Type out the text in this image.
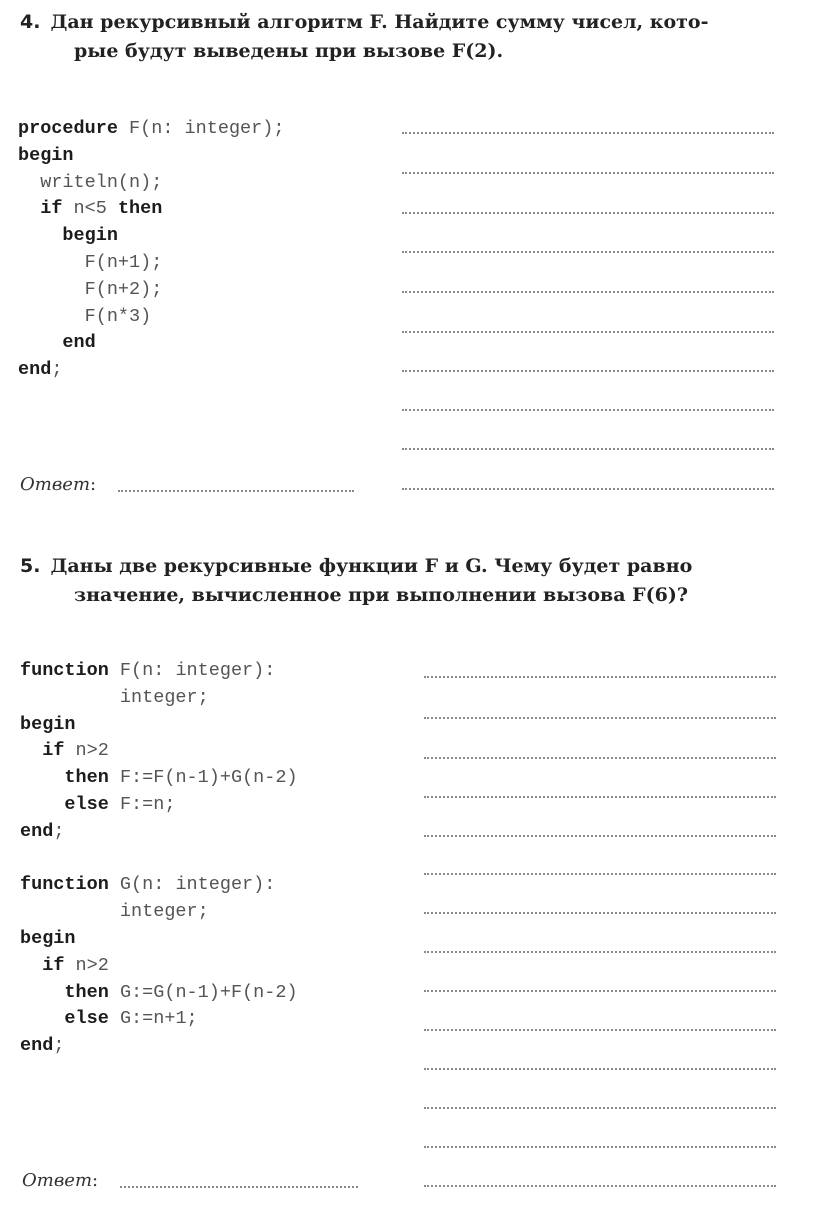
4. Дан рекурсивный алгоритм F. Найдите сумму чисел, кото-
рые будут выведены при вызове F(2).
procedure F(n: integer);
begin
writeln(n);
if n<5 then
begin
F(n+1);
F(n+2);
F(n*3)
end
end;
Ответ:
5. Даны две рекурсивные функции F и G. Чему будет равно
значение, вычисленное при выполнении вызова F(6)?
function F(n: integer):
integer;
begin
if n>2
then F:=F(n-1)+G(n-2)
else F:=n;
end;
function G(n: integer):
integer;
begin
if n>2
then G:=G(n-1)+F(n-2)
else G:=n+1;
end;
Ответ:
